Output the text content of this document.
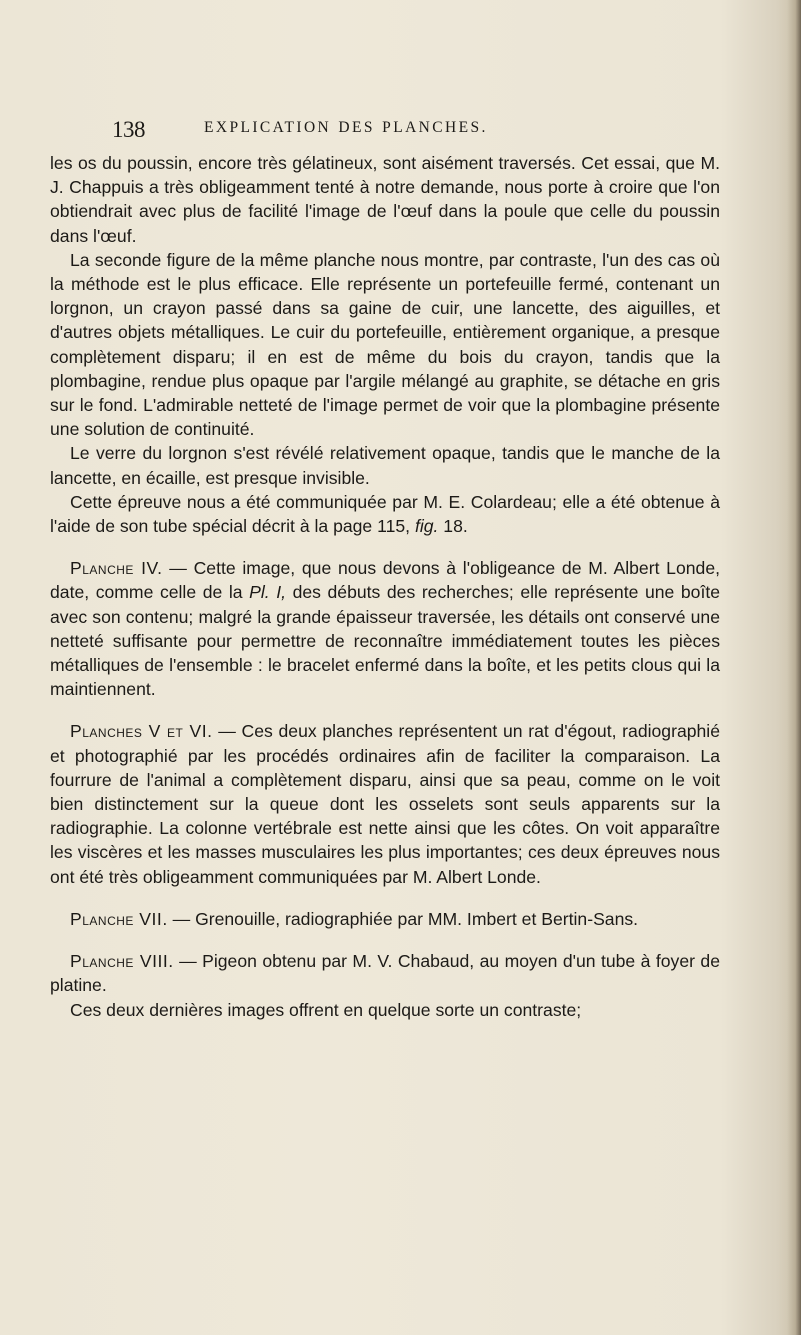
138	EXPLICATION DES PLANCHES.

les os du poussin, encore très gélatineux, sont aisément traversés. Cet essai, que M. J. Chappuis a très obligeamment tenté à notre demande, nous porte à croire que l'on obtiendrait avec plus de facilité l'image de l'œuf dans la poule que celle du poussin dans l'œuf.

La seconde figure de la même planche nous montre, par contraste, l'un des cas où la méthode est le plus efficace. Elle représente un portefeuille fermé, contenant un lorgnon, un crayon passé dans sa gaine de cuir, une lancette, des aiguilles, et d'autres objets métalliques. Le cuir du portefeuille, entièrement organique, a presque complètement disparu; il en est de même du bois du crayon, tandis que la plombagine, rendue plus opaque par l'argile mélangé au graphite, se détache en gris sur le fond. L'admirable netteté de l'image permet de voir que la plombagine présente une solution de continuité.

Le verre du lorgnon s'est révélé relativement opaque, tandis que le manche de la lancette, en écaille, est presque invisible.

Cette épreuve nous a été communiquée par M. E. Colardeau; elle a été obtenue à l'aide de son tube spécial décrit à la page 115, fig. 18.

Planche IV. — Cette image, que nous devons à l'obligeance de M. Albert Londe, date, comme celle de la Pl. I, des débuts des recherches; elle représente une boîte avec son contenu; malgré la grande épaisseur traversée, les détails ont conservé une netteté suffisante pour permettre de reconnaître immédiatement toutes les pièces métalliques de l'ensemble : le bracelet enfermé dans la boîte, et les petits clous qui la maintiennent.

Planches V et VI. — Ces deux planches représentent un rat d'égout, radiographié et photographié par les procédés ordinaires afin de faciliter la comparaison. La fourrure de l'animal a complètement disparu, ainsi que sa peau, comme on le voit bien distinctement sur la queue dont les osselets sont seuls apparents sur la radiographie. La colonne vertébrale est nette ainsi que les côtes. On voit apparaître les viscères et les masses musculaires les plus importantes; ces deux épreuves nous ont été très obligeamment communiquées par M. Albert Londe.

Planche VII. — Grenouille, radiographiée par MM. Imbert et Bertin-Sans.

Planche VIII. — Pigeon obtenu par M. V. Chabaud, au moyen d'un tube à foyer de platine.

Ces deux dernières images offrent en quelque sorte un contraste;
